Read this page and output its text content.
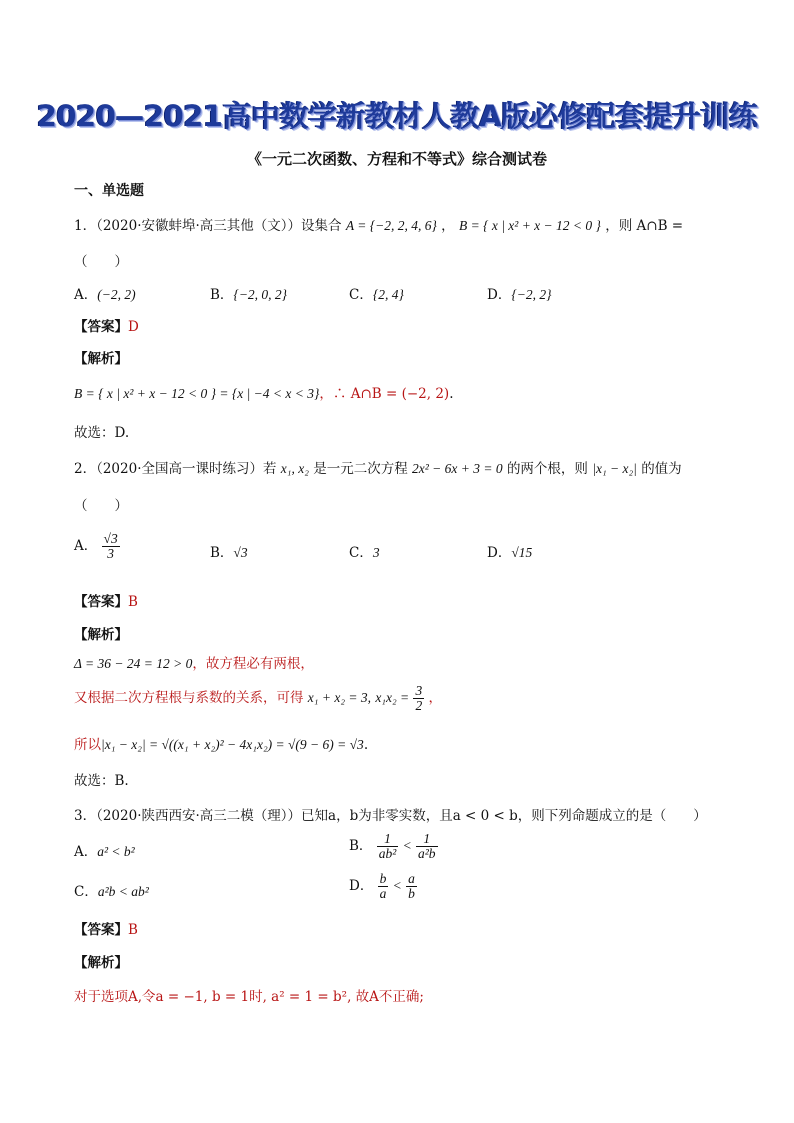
2020—2021高中数学新教材人教A版必修配套提升训练
《一元二次函数、方程和不等式》综合测试卷
一、单选题
1．（2020·安徽蚌埠·高三其他（文））设集合 A = {−2, 2, 4, 6} ， B = { x | x² + x − 12 < 0 } ，则 A∩B =
（　　）
A．(−2, 2)	B．{−2, 0, 2}	C．{2, 4}	D．{−2, 2}
【答案】D
【解析】
B = { x | x² + x − 12 < 0 } = {x | −4 < x < 3}，∴ A∩B = (−2, 2).
故选：D.
2．（2020·全国高一课时练习）若 x₁, x₂ 是一元二次方程 2x² − 6x + 3 = 0 的两个根，则 |x₁ − x₂| 的值为
（　　）
A． $\frac{√3}{3}$	B．√3	C．3	D．√15
【答案】B
【解析】
Δ = 36 − 24 = 12 > 0，故方程必有两根，
又根据二次方程根与系数的关系，可得 x₁ + x₂ = 3, $x_1x_2 = \frac{3}{2}$ ，
所以|x₁ − x₂| = √((x₁ + x₂)² − 4x₁x₂) = √(9 − 6) = √3.
故选：B.
3．（2020·陕西西安·高三二模（理））已知a，b为非零实数，且a < 0 < b，则下列命题成立的是（　　）
A．a² < b²	B． $\frac{1}{\text{ab²}} < \frac{1}{\text{a²b}}$
C．a²b < ab²	D． $\frac{b}{a} < \frac{a}{b}$
【答案】B
【解析】
对于选项A,令a = −1, b = 1时, a² = 1 = b², 故A不正确;
